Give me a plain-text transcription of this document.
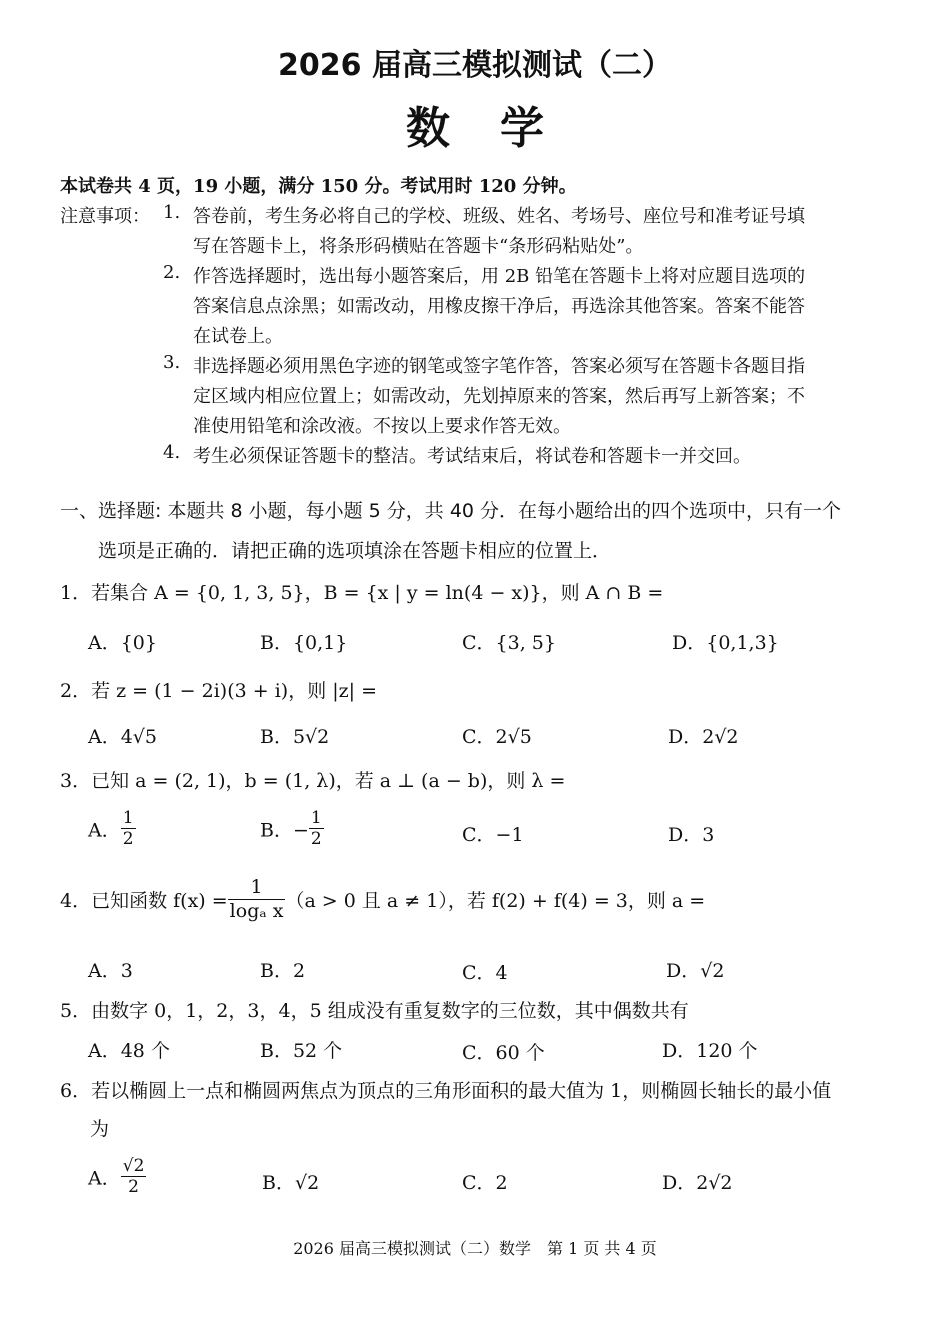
2026 届高三模拟测试（二）
数学
本试卷共 4 页，19 小题，满分 150 分。考试用时 120 分钟。
注意事项： 1. 答卷前，考生务必将自己的学校、班级、姓名、考场号、座位号和准考证号填
写在答题卡上，将条形码横贴在答题卡“条形码粘贴处”。
2. 作答选择题时，选出每小题答案后，用 2B 铅笔在答题卡上将对应题目选项的
答案信息点涂黑；如需改动，用橡皮擦干净后，再选涂其他答案。答案不能答
在试卷上。
3. 非选择题必须用黑色字迹的钢笔或签字笔作答，答案必须写在答题卡各题目指
定区域内相应位置上；如需改动，先划掉原来的答案，然后再写上新答案；不
准使用铅笔和涂改液。不按以上要求作答无效。
4. 考生必须保证答题卡的整洁。考试结束后，将试卷和答题卡一并交回。
一、选择题: 本题共 8 小题，每小题 5 分，共 40 分．在每小题给出的四个选项中，只有一个
选项是正确的．请把正确的选项填涂在答题卡相应的位置上．
1．若集合 A = {0, 1, 3, 5}，B = {x | y = ln(4 − x)}，则 A ∩ B =
A．{0}	B．{0,1}	C．{3, 5}	D．{0,1,3}
2．若 z = (1 − 2i)(3 + i)，则 |z| =
A．4√5	B．5√2	C．2√5	D．2√2
3．已知 a = (2, 1)，b = (1, λ)，若 a ⊥ (a − b)，则 λ =
A． $\frac{1}{2}$	B．− $\frac{1}{2}$	C．−1	D．3
4．已知函数 $f(x) = \frac{1}{\text{logₐ x}} (a > 0$ 且 a ≠ 1），若 f(2) + f(4) = 3，则 a =
A．3	B．2	C．4	D．√2
5．由数字 0，1，2，3，4，5 组成没有重复数字的三位数，其中偶数共有
A．48 个	B．52 个	C．60 个	D．120 个
6．若以椭圆上一点和椭圆两焦点为顶点的三角形面积的最大值为 1，则椭圆长轴长的最小值
为
A． $\frac{√2}{2}$	B．√2	C．2	D．2√2
2026 届高三模拟测试（二）数学　第 1 页 共 4 页
